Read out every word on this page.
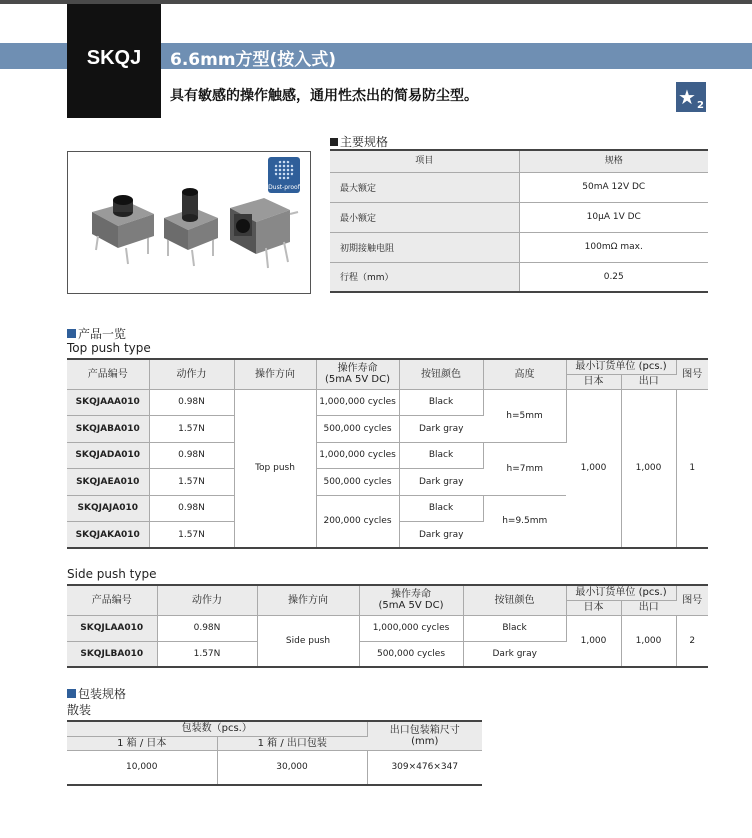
6.6mm方型(按入式)
SKQJ
具有敏感的操作触感，通用性杰出的简易防尘型。	★ 2
Dust-proof
主要规格
项目	规格
最大额定	50mA 12V DC
最小额定	10μA 1V DC
初期接触电阻	100mΩ max.
行程（mm）	0.25
产品一览
Top push type
产品编号	动作力	操作方向	操作寿命
(5mA 5V DC)	按钮颜色	高度	最小订货单位 (pcs.)		图号
						日本	出口	
SKQJAAA010	0.98N	Top push	1,000,000 cycles	Black	h=5mm	1,000	1,000	1
SKQJABA010	1.57N		500,000 cycles	Dark gray				
SKQJADA010	0.98N		1,000,000 cycles	Black	h=7mm			
SKQJAEA010	1.57N		500,000 cycles	Dark gray				
SKQJAJA010	0.98N		200,000 cycles	Black	h=9.5mm			
SKQJAKA010	1.57N			Dark gray				
Side push type
产品编号	动作力	操作方向	操作寿命
(5mA 5V DC)	按钮颜色	最小订货单位 (pcs.)		图号
					日本	出口	
SKQJLAA010	0.98N	Side push	1,000,000 cycles	Black	1,000	1,000	2
SKQJLBA010	1.57N		500,000 cycles	Dark gray			
包装规格
散装
包装数（pcs.）		出口包装箱尺寸
(mm)
1 箱 / 日本	1 箱 / 出口包装	
10,000	30,000	309×476×347
